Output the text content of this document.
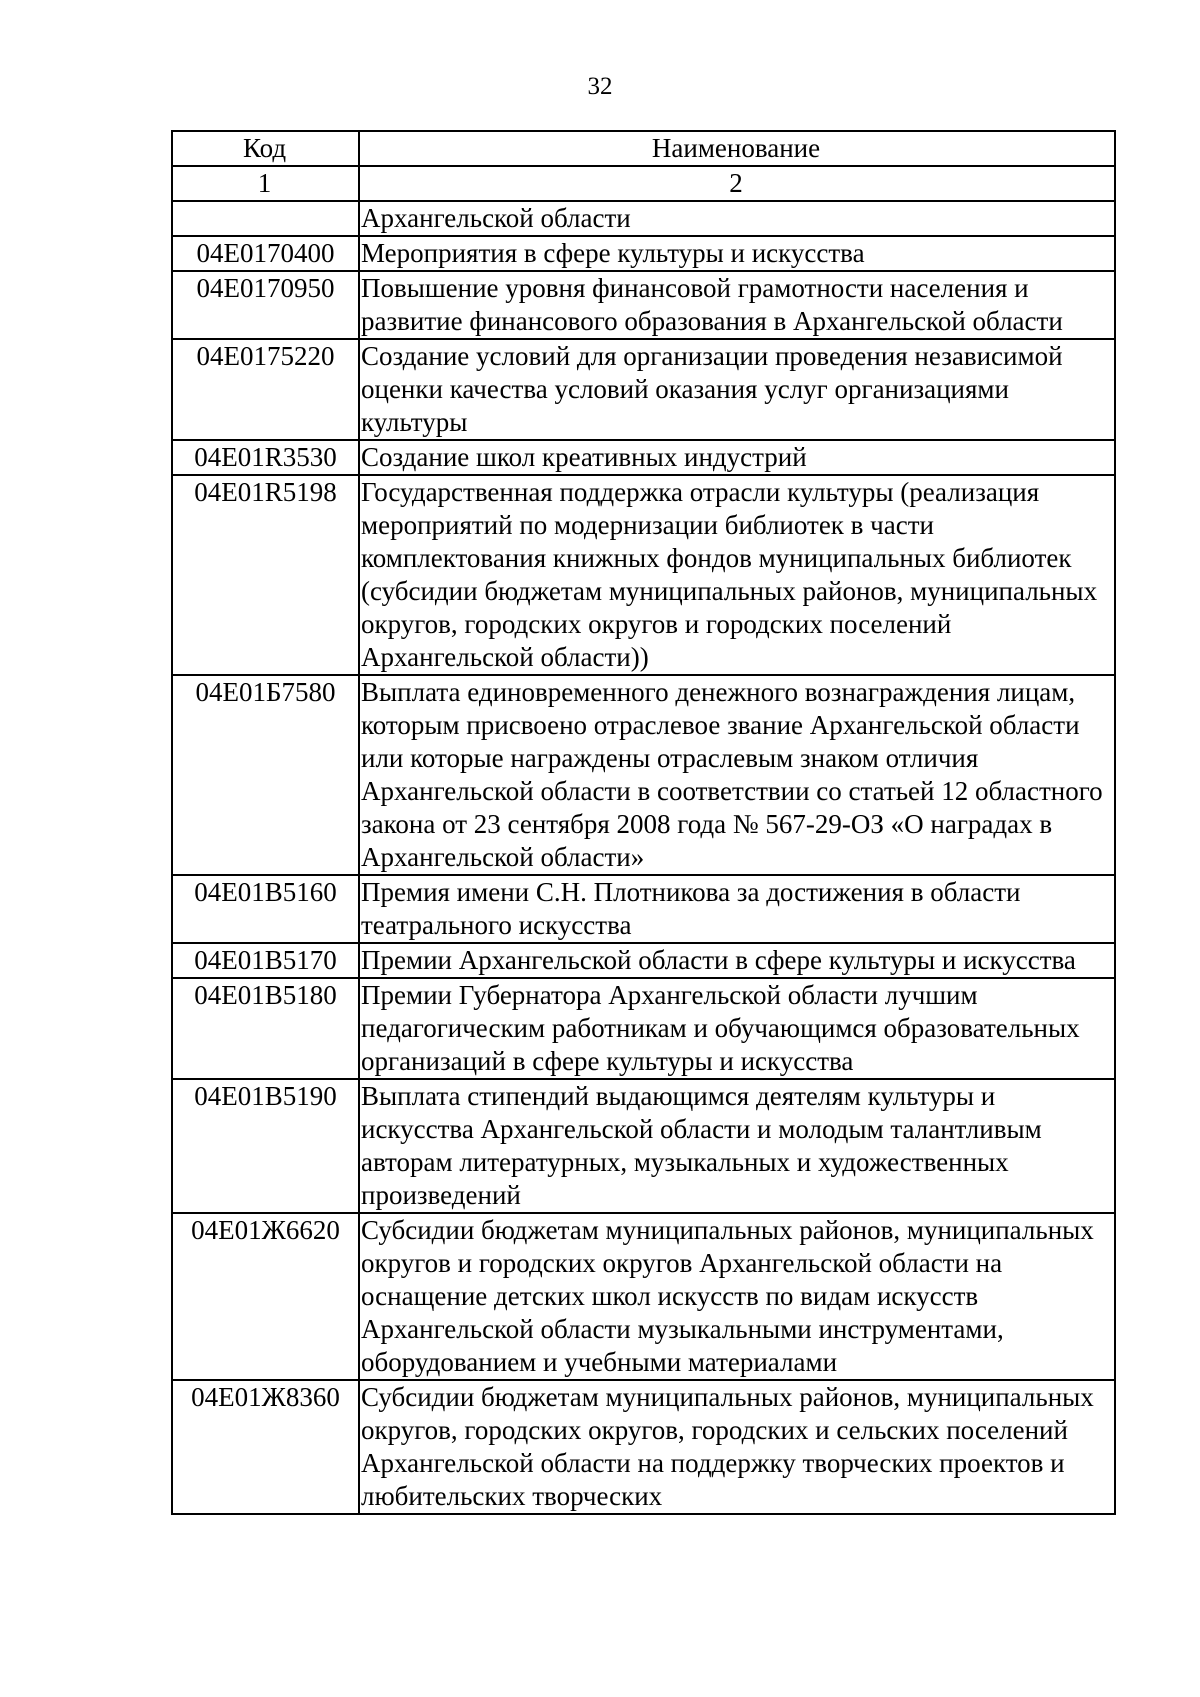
32
Код	Наименование
1	2
	Архангельской области
04Е0170400	Мероприятия в сфере культуры и искусства
04Е0170950	Повышение уровня финансовой грамотности населения и развитие финансового образования в Архангельской области
04Е0175220	Создание условий для организации проведения независимой оценки качества условий оказания услуг организациями культуры
04Е01R3530	Создание школ креативных индустрий
04Е01R5198	Государственная поддержка отрасли культуры (реализация мероприятий по модернизации библиотек в части комплектования книжных фондов муниципальных библиотек (субсидии бюджетам муниципальных районов, муниципальных округов, городских округов и городских поселений Архангельской области))
04Е01Б7580	Выплата единовременного денежного вознаграждения лицам, которым присвоено отраслевое звание Архангельской области или которые награждены отраслевым знаком отличия Архангельской области в соответствии со статьей 12 областного закона от 23 сентября 2008 года № 567-29-ОЗ «О наградах в Архангельской области»
04Е01В5160	Премия имени С.Н. Плотникова за достижения в области театрального искусства
04Е01В5170	Премии Архангельской области в сфере культуры и искусства
04Е01В5180	Премии Губернатора Архангельской области лучшим педагогическим работникам и обучающимся образовательных организаций в сфере культуры и искусства
04Е01В5190	Выплата стипендий выдающимся деятелям культуры и искусства Архангельской области и молодым талантливым авторам литературных, музыкальных и художественных произведений
04Е01Ж6620	Субсидии бюджетам муниципальных районов, муниципальных округов и городских округов Архангельской области на оснащение детских школ искусств по видам искусств Архангельской области музыкальными инструментами, оборудованием и учебными материалами
04Е01Ж8360	Субсидии бюджетам муниципальных районов, муниципальных округов, городских округов, городских и сельских поселений Архангельской области на поддержку творческих проектов и любительских творческих
